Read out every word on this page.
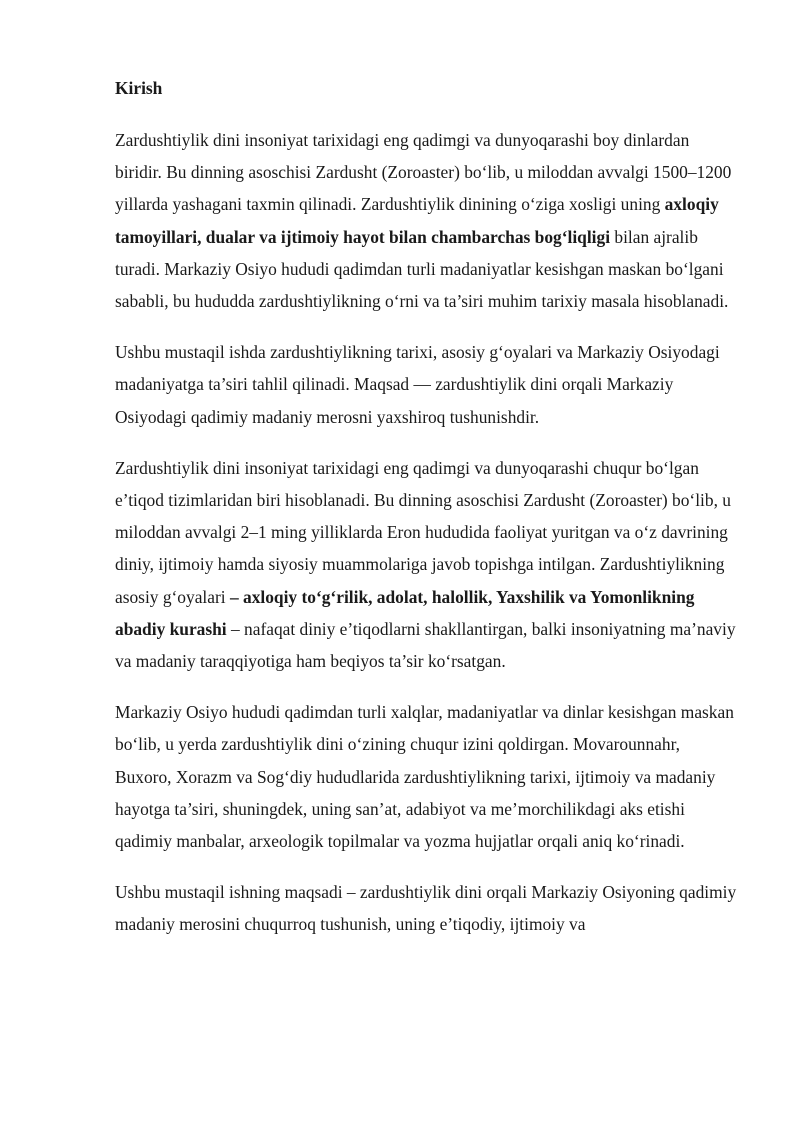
Kirish

Zardushtiylik dini insoniyat tarixidagi eng qadimgi va dunyoqarashi boy dinlardan biridir. Bu dinning asoschisi Zardusht (Zoroaster) bo‘lib, u miloddan avvalgi 1500–1200 yillarda yashagani taxmin qilinadi. Zardushtiylik dinining o‘ziga xosligi uning axloqiy tamoyillari, dualar va ijtimoiy hayot bilan chambarchas bog‘liqligi bilan ajralib turadi. Markaziy Osiyo hududi qadimdan turli madaniyatlar kesishgan maskan bo‘lgani sababli, bu hududda zardushtiylikning o‘rni va ta’siri muhim tarixiy masala hisoblanadi.

Ushbu mustaqil ishda zardushtiylikning tarixi, asosiy g‘oyalari va Markaziy Osiyodagi madaniyatga ta’siri tahlil qilinadi. Maqsad — zardushtiylik dini orqali Markaziy Osiyodagi qadimiy madaniy merosni yaxshiroq tushunishdir.

Zardushtiylik dini insoniyat tarixidagi eng qadimgi va dunyoqarashi chuqur bo‘lgan e’tiqod tizimlaridan biri hisoblanadi. Bu dinning asoschisi Zardusht (Zoroaster) bo‘lib, u miloddan avvalgi 2–1 ming yilliklarda Eron hududida faoliyat yuritgan va o‘z davrining diniy, ijtimoiy hamda siyosiy muammolariga javob topishga intilgan. Zardushtiylikning asosiy g‘oyalari – axloqiy to‘g‘rilik, adolat, halollik, Yaxshilik va Yomonlikning abadiy kurashi – nafaqat diniy e’tiqodlarni shakllantirgan, balki insoniyatning ma’naviy va madaniy taraqqiyotiga ham beqiyos ta’sir ko‘rsatgan.

Markaziy Osiyo hududi qadimdan turli xalqlar, madaniyatlar va dinlar kesishgan maskan bo‘lib, u yerda zardushtiylik dini o‘zining chuqur izini qoldirgan. Movarounnahr, Buxoro, Xorazm va Sog‘diy hududlarida zardushtiylikning tarixi, ijtimoiy va madaniy hayotga ta’siri, shuningdek, uning san’at, adabiyot va me’morchilikdagi aks etishi qadimiy manbalar, arxeologik topilmalar va yozma hujjatlar orqali aniq ko‘rinadi.

Ushbu mustaqil ishning maqsadi – zardushtiylik dini orqali Markaziy Osiyoning qadimiy madaniy merosini chuqurroq tushunish, uning e’tiqodiy, ijtimoiy va
